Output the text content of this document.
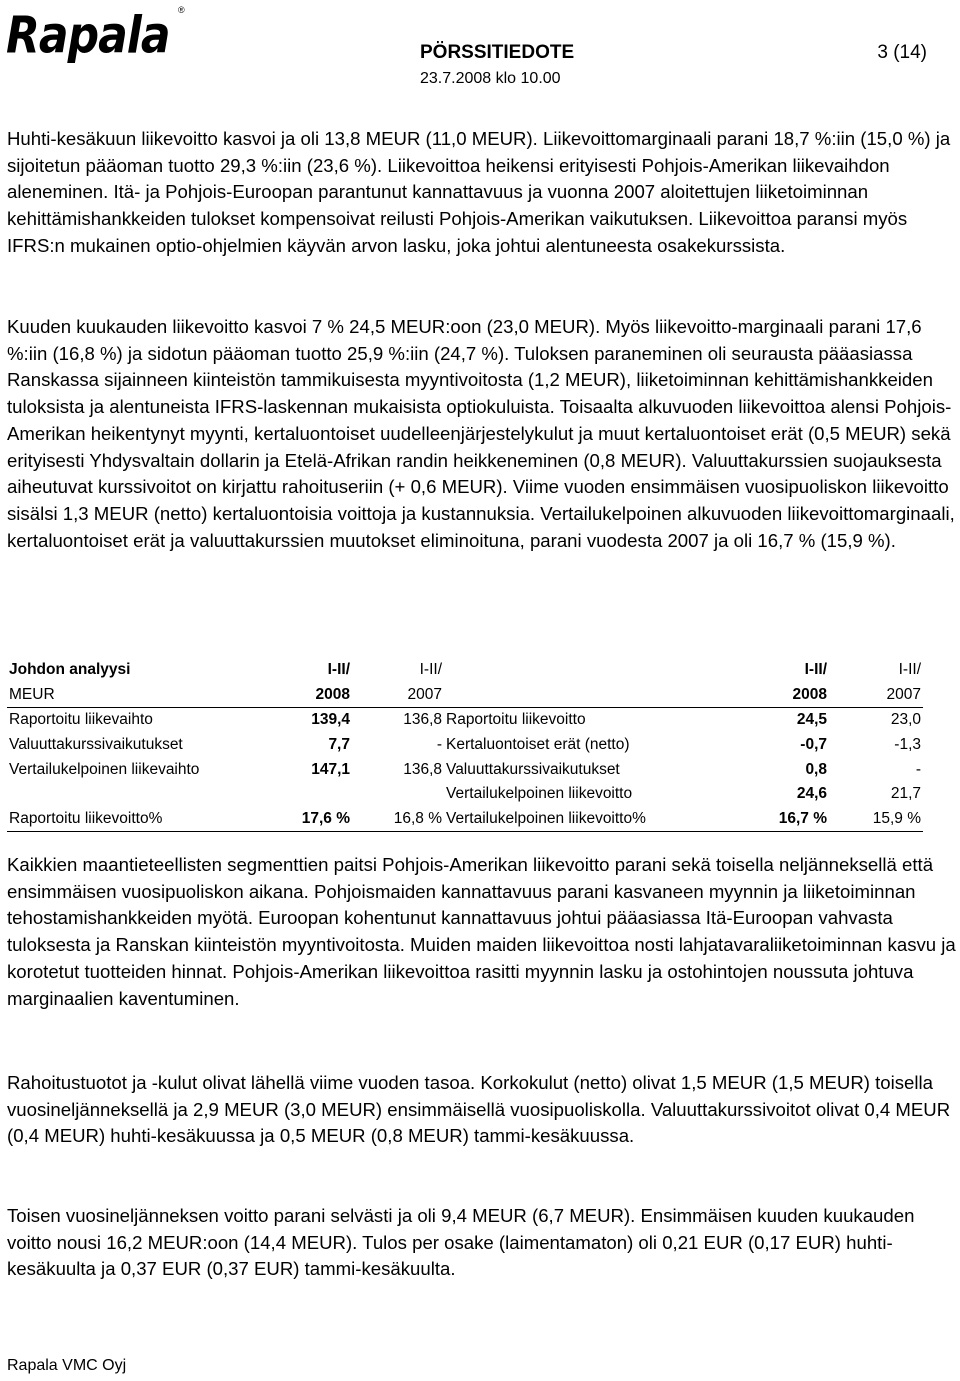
Rapala ®
PÖRSSITIEDOTE
23.7.2008 klo 10.00
3 (14)

Huhti-kesäkuun liikevoitto kasvoi ja oli 13,8 MEUR (11,0 MEUR). Liikevoittomarginaali parani 18,7 %:iin (15,0 %) ja sijoitetun pääoman tuotto 29,3 %:iin (23,6 %). Liikevoittoa heikensi erityisesti Pohjois-Amerikan liikevaihdon aleneminen. Itä- ja Pohjois-Euroopan parantunut kannattavuus ja vuonna 2007 aloitettujen liiketoiminnan kehittämishankkeiden tulokset kompensoivat reilusti Pohjois-Amerikan vaikutuksen. Liikevoittoa paransi myös IFRS:n mukainen optio-ohjelmien käyvän arvon lasku, joka johtui alentuneesta osakekurssista.

Kuuden kuukauden liikevoitto kasvoi 7 % 24,5 MEUR:oon (23,0 MEUR). Myös liikevoitto-marginaali parani 17,6 %:iin (16,8 %) ja sidotun pääoman tuotto 25,9 %:iin (24,7 %). Tuloksen paraneminen oli seurausta pääasiassa Ranskassa sijainneen kiinteistön tammikuisesta myyntivoitosta (1,2 MEUR), liiketoiminnan kehittämishankkeiden tuloksista ja alentuneista IFRS-laskennan mukaisista optiokuluista. Toisaalta alkuvuoden liikevoittoa alensi Pohjois-Amerikan heikentynyt myynti, kertaluontoiset uudelleenjärjestelykulut ja muut kertaluontoiset erät (0,5 MEUR) sekä erityisesti Yhdysvaltain dollarin ja Etelä-Afrikan randin heikkeneminen (0,8 MEUR). Valuuttakurssien suojauksesta aiheutuvat kurssivoitot on kirjattu rahoituseriin (+ 0,6 MEUR). Viime vuoden ensimmäisen vuosipuoliskon liikevoitto sisälsi 1,3 MEUR (netto) kertaluontoisia voittoja ja kustannuksia. Vertailukelpoinen alkuvuoden liikevoittomarginaali, kertaluontoiset erät ja valuuttakurssien muutokset eliminoituna, parani vuodesta 2007 ja oli 16,7 % (15,9 %).

Johdon analyysi	I-II/	I-II/		I-II/	I-II/
MEUR	2008	2007		2008	2007
Raportoitu liikevaihto	139,4	136,8	Raportoitu liikevoitto	24,5	23,0
Valuuttakurssivaikutukset	7,7	-	Kertaluontoiset erät (netto)	-0,7	-1,3
Vertailukelpoinen liikevaihto	147,1	136,8	Valuuttakurssivaikutukset	0,8	-
			Vertailukelpoinen liikevoitto	24,6	21,7
Raportoitu liikevoitto%	17,6 %	16,8 %	Vertailukelpoinen liikevoitto%	16,7 %	15,9 %

Kaikkien maantieteellisten segmenttien paitsi Pohjois-Amerikan liikevoitto parani sekä toisella neljänneksellä että ensimmäisen vuosipuoliskon aikana. Pohjoismaiden kannattavuus parani kasvaneen myynnin ja liiketoiminnan tehostamishankkeiden myötä. Euroopan kohentunut kannattavuus johtui pääasiassa Itä-Euroopan vahvasta tuloksesta ja Ranskan kiinteistön myyntivoitosta. Muiden maiden liikevoittoa nosti lahjatavaraliiketoiminnan kasvu ja korotetut tuotteiden hinnat. Pohjois-Amerikan liikevoittoa rasitti myynnin lasku ja ostohintojen noussuta johtuva marginaalien kaventuminen.

Rahoitustuotot ja -kulut olivat lähellä viime vuoden tasoa. Korkokulut (netto) olivat 1,5 MEUR (1,5 MEUR) toisella vuosineljänneksellä ja 2,9 MEUR (3,0 MEUR) ensimmäisellä vuosipuoliskolla. Valuuttakurssivoitot olivat 0,4 MEUR (0,4 MEUR) huhti-kesäkuussa ja 0,5 MEUR (0,8 MEUR) tammi-kesäkuussa.

Toisen vuosineljänneksen voitto parani selvästi ja oli 9,4 MEUR (6,7 MEUR). Ensimmäisen kuuden kuukauden voitto nousi 16,2 MEUR:oon (14,4 MEUR). Tulos per osake (laimentamaton) oli 0,21 EUR (0,17 EUR) huhti-kesäkuulta ja 0,37 EUR (0,37 EUR) tammi-kesäkuulta.

Rapala VMC Oyj
